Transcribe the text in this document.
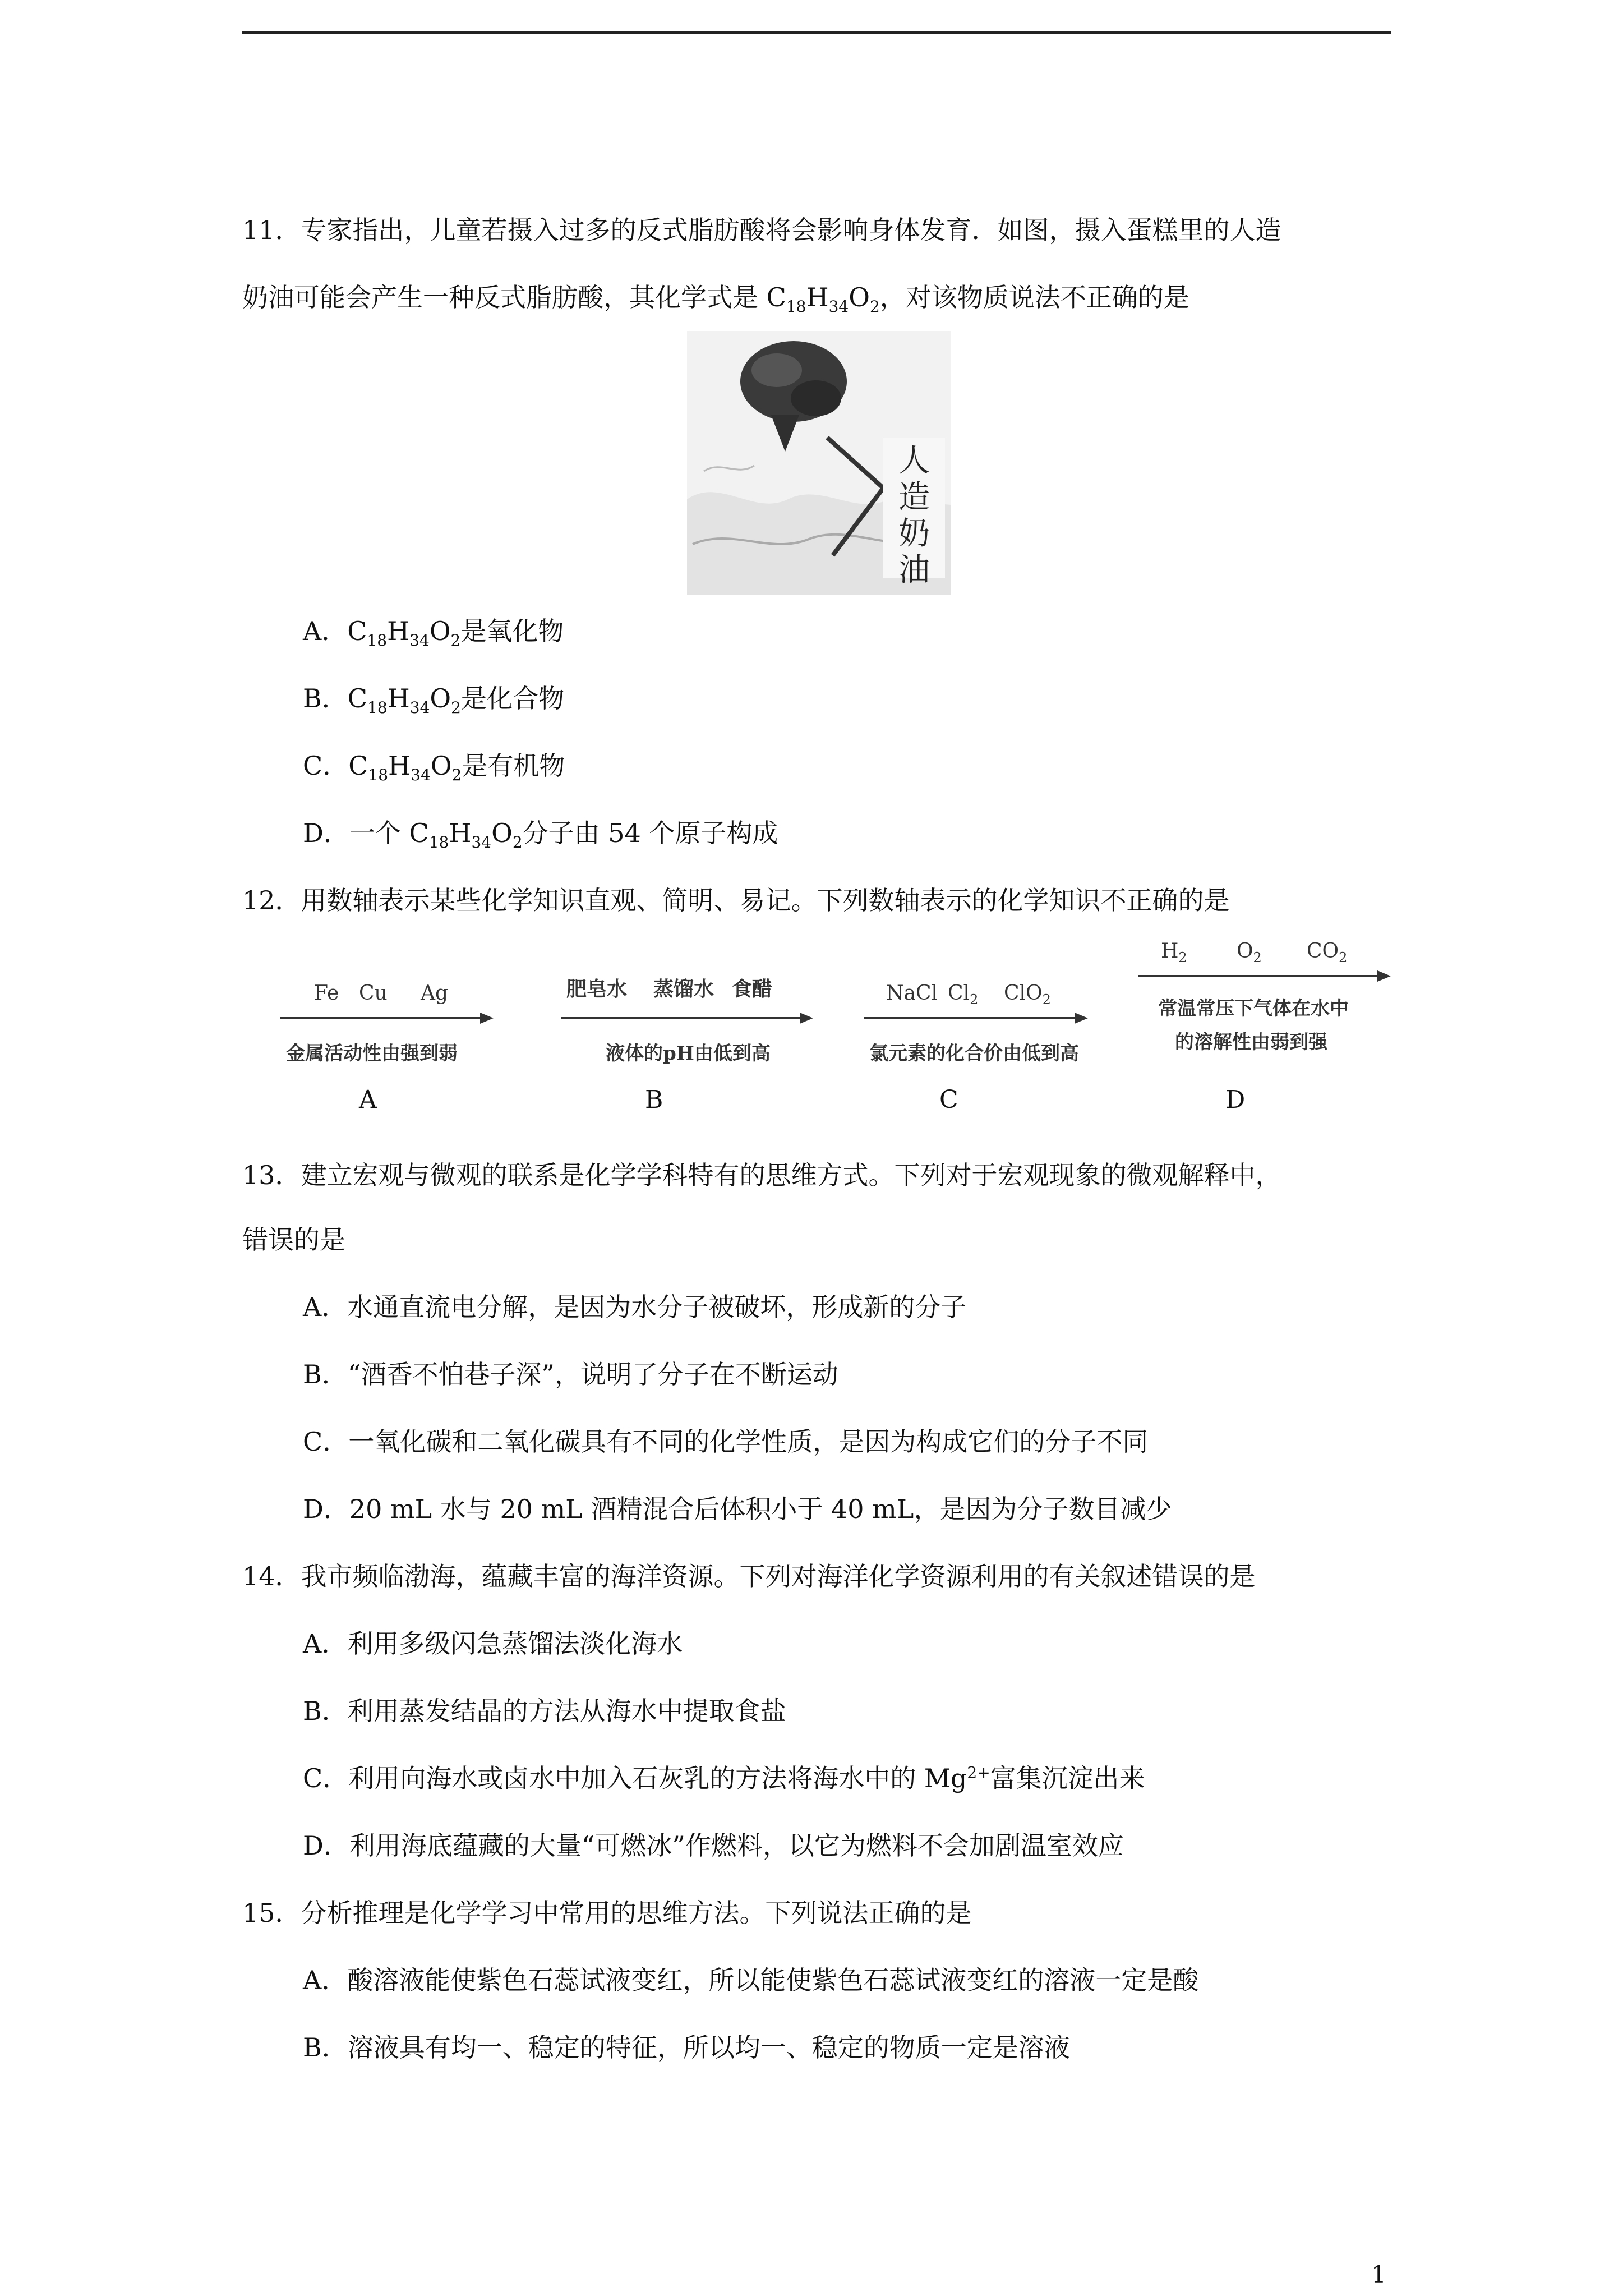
11．专家指出，儿童若摄入过多的反式脂肪酸将会影响身体发育．如图，摄入蛋糕里的人造
奶油可能会产生一种反式脂肪酸，其化学式是 $C_{18}H_{34}O_2$，对该物质说法不正确的是
人
造
奶
油
A．$C_{18}H_{34}O_2$是氧化物
B．$C_{18}H_{34}O_2$是化合物
C．$C_{18}H_{34}O_2$是有机物
D．一个 $C_{18}H_{34}O_2$分子由 54 个原子构成
12．用数轴表示某些化学知识直观、简明、易记。下列数轴表示的化学知识不正确的是
Fe Cu Ag
金属活动性由强到弱
A
肥皂水 蒸馏水 食醋
液体的pH由低到高
B
NaCl $Cl_2$ ClO$_2$
氯元素的化合价由低到高
C
$H_2$ $O_2$ $CO_2$
常温常压下气体在水中
的溶解性由弱到强
D
13．建立宏观与微观的联系是化学学科特有的思维方式。下列对于宏观现象的微观解释中，
错误的是
A．水通直流电分解，是因为水分子被破坏，形成新的分子
B．“酒香不怕巷子深”，说明了分子在不断运动
C．一氧化碳和二氧化碳具有不同的化学性质，是因为构成它们的分子不同
D．20 mL 水与 20 mL 酒精混合后体积小于 40 mL，是因为分子数目减少
14．我市频临渤海，蕴藏丰富的海洋资源。下列对海洋化学资源利用的有关叙述错误的是
A．利用多级闪急蒸馏法淡化海水
B．利用蒸发结晶的方法从海水中提取食盐
C．利用向海水或卤水中加入石灰乳的方法将海水中的 $Mg^{2+}$富集沉淀出来
D．利用海底蕴藏的大量“可燃冰”作燃料，以它为燃料不会加剧温室效应
15．分析推理是化学学习中常用的思维方法。下列说法正确的是
A．酸溶液能使紫色石蕊试液变红，所以能使紫色石蕊试液变红的溶液一定是酸
B．溶液具有均一、稳定的特征，所以均一、稳定的物质一定是溶液
1
